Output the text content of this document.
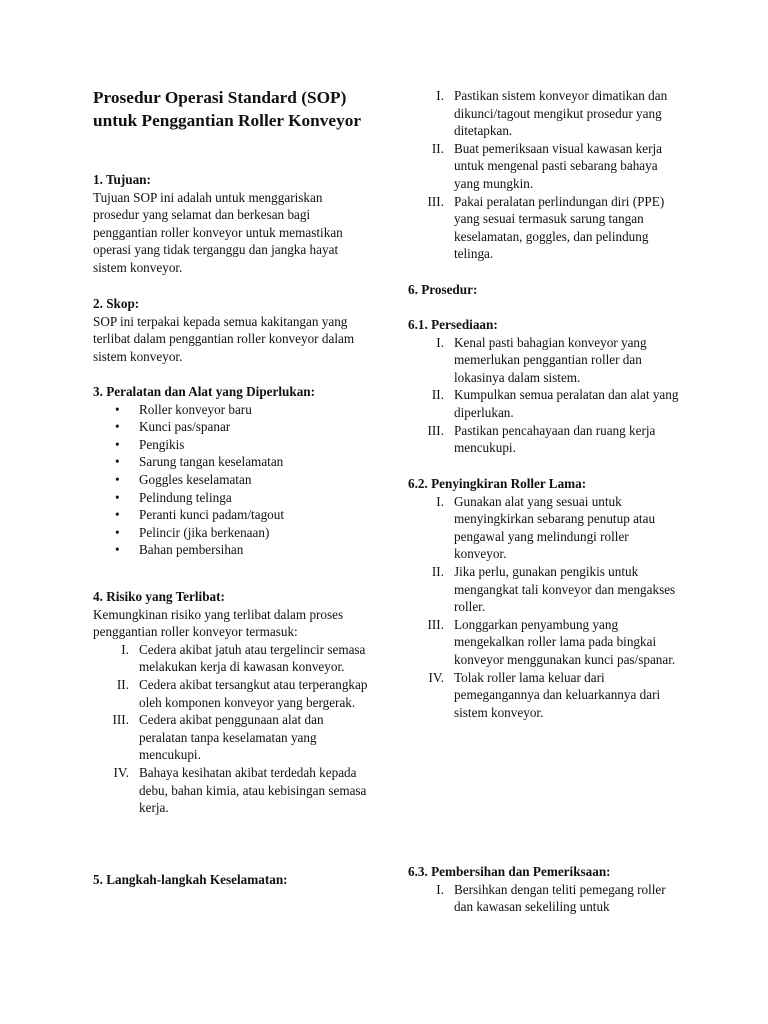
Prosedur Operasi Standard (SOP) untuk Penggantian Roller Konveyor

1. Tujuan:

Tujuan SOP ini adalah untuk menggariskan prosedur yang selamat dan berkesan bagi penggantian roller konveyor untuk memastikan operasi yang tidak terganggu dan jangka hayat sistem konveyor.

2. Skop:

SOP ini terpakai kepada semua kakitangan yang terlibat dalam penggantian roller konveyor dalam sistem konveyor.

3. Peralatan dan Alat yang Diperlukan:

• Roller konveyor baru
• Kunci pas/spanar
• Pengikis
• Sarung tangan keselamatan
• Goggles keselamatan
• Pelindung telinga
• Peranti kunci padam/tagout
• Pelincir (jika berkenaan)
• Bahan pembersihan

4. Risiko yang Terlibat:

Kemungkinan risiko yang terlibat dalam proses penggantian roller konveyor termasuk:

I. Cedera akibat jatuh atau tergelincir semasa melakukan kerja di kawasan konveyor.
II. Cedera akibat tersangkut atau terperangkap oleh komponen konveyor yang bergerak.
III. Cedera akibat penggunaan alat dan peralatan tanpa keselamatan yang mencukupi.
IV. Bahaya kesihatan akibat terdedah kepada debu, bahan kimia, atau kebisingan semasa kerja.

5. Langkah-langkah Keselamatan:

I. Pastikan sistem konveyor dimatikan dan dikunci/tagout mengikut prosedur yang ditetapkan.
II. Buat pemeriksaan visual kawasan kerja untuk mengenal pasti sebarang bahaya yang mungkin.
III. Pakai peralatan perlindungan diri (PPE) yang sesuai termasuk sarung tangan keselamatan, goggles, dan pelindung telinga.

6. Prosedur:

6.1. Persediaan:

I. Kenal pasti bahagian konveyor yang memerlukan penggantian roller dan lokasinya dalam sistem.
II. Kumpulkan semua peralatan dan alat yang diperlukan.
III. Pastikan pencahayaan dan ruang kerja mencukupi.

6.2. Penyingkiran Roller Lama:

I. Gunakan alat yang sesuai untuk menyingkirkan sebarang penutup atau pengawal yang melindungi roller konveyor.
II. Jika perlu, gunakan pengikis untuk mengangkat tali konveyor dan mengakses roller.
III. Longgarkan penyambung yang mengekalkan roller lama pada bingkai konveyor menggunakan kunci pas/spanar.
IV. Tolak roller lama keluar dari pemegangannya dan keluarkannya dari sistem konveyor.

6.3. Pembersihan dan Pemeriksaan:

I. Bersihkan dengan teliti pemegang roller dan kawasan sekeliling untuk
